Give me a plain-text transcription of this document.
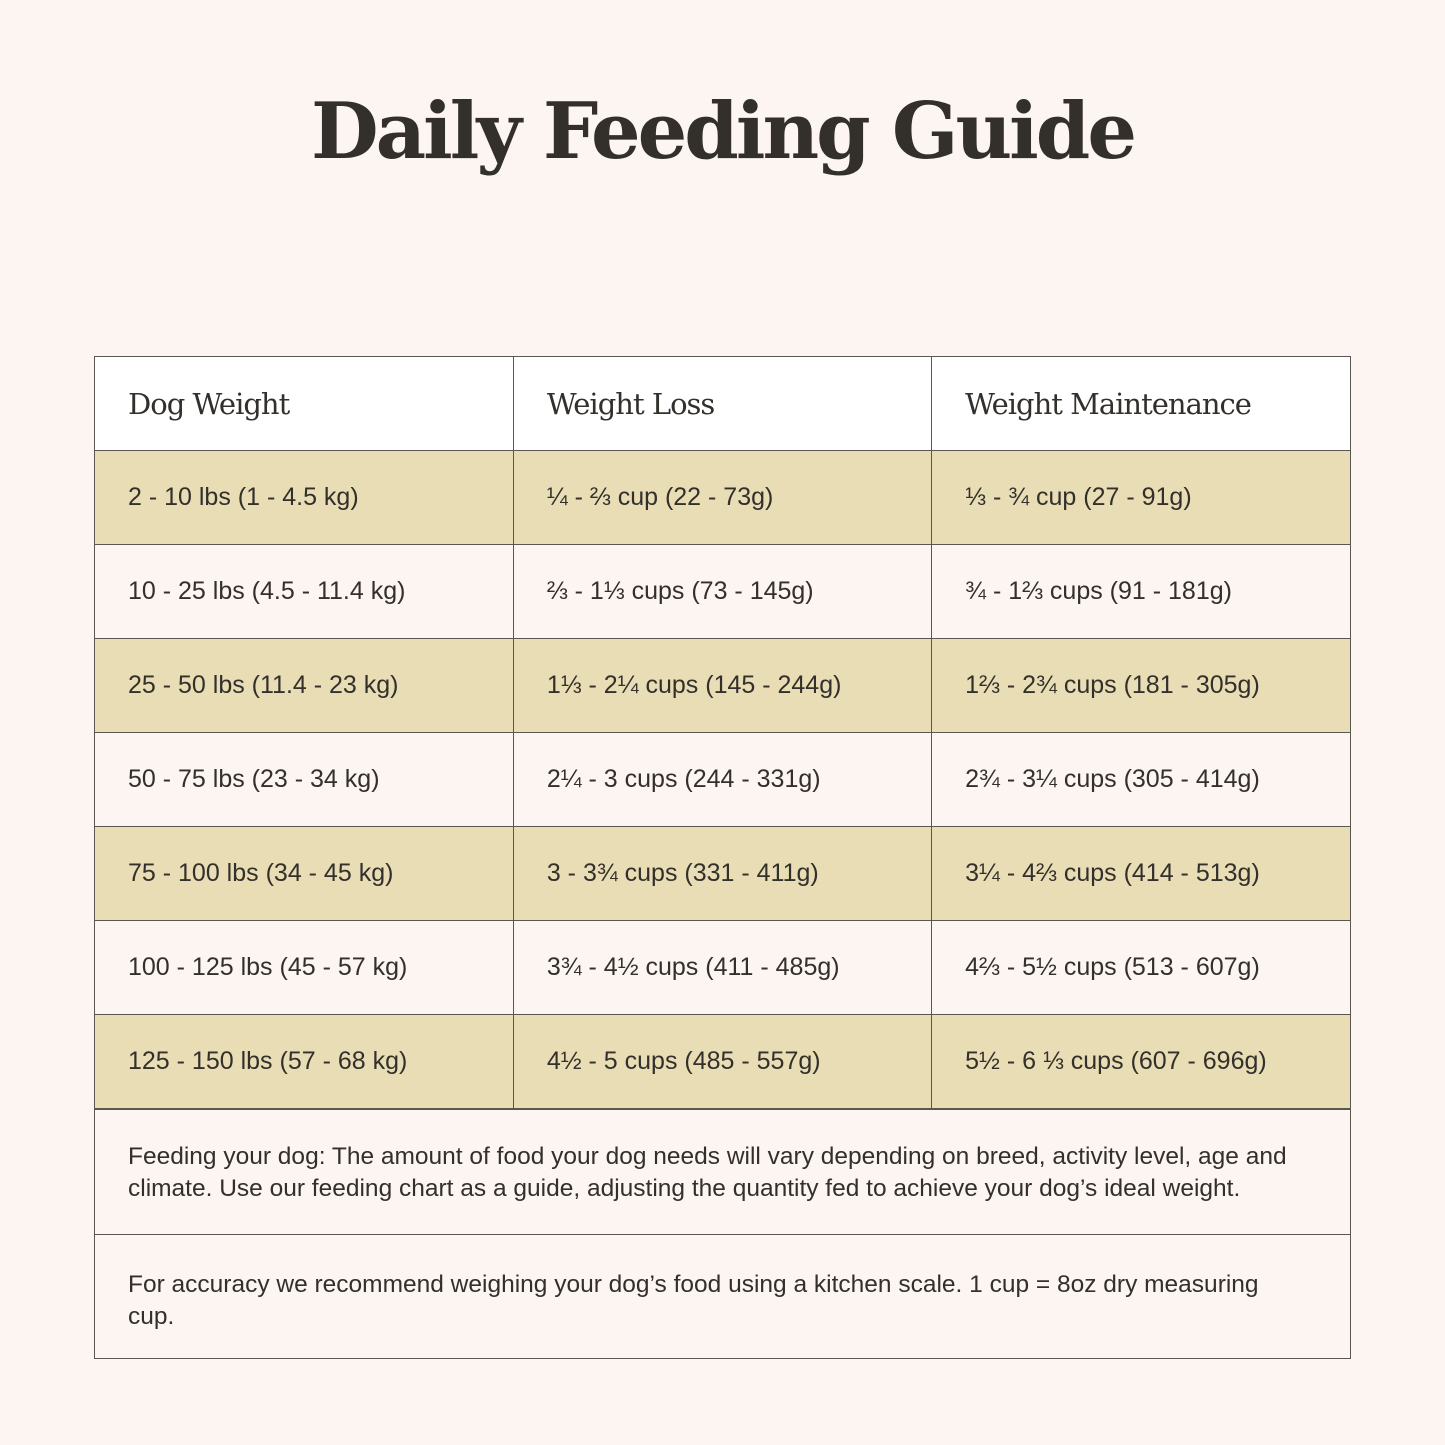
Daily Feeding Guide
Dog Weight	Weight Loss	Weight Maintenance
2 - 10 lbs (1 - 4.5 kg)	¼ - ⅔ cup (22 - 73g)	⅓ - ¾ cup (27 - 91g)
10 - 25 lbs (4.5 - 11.4 kg)	⅔ - 1⅓ cups (73 - 145g)	¾ - 1⅔ cups (91 - 181g)
25 - 50 lbs (11.4 - 23 kg)	1⅓ - 2¼ cups (145 - 244g)	1⅔ - 2¾ cups (181 - 305g)
50 - 75 lbs (23 - 34 kg)	2¼ - 3 cups (244 - 331g)	2¾ - 3¼ cups (305 - 414g)
75 - 100 lbs (34 - 45 kg)	3 - 3¾ cups (331 - 411g)	3¼ - 4⅔ cups (414 - 513g)
100 - 125 lbs (45 - 57 kg)	3¾ - 4½ cups (411 - 485g)	4⅔ - 5½ cups (513 - 607g)
125 - 150 lbs (57 - 68 kg)	4½ - 5 cups (485 - 557g)	5½ - 6 ⅓ cups (607 - 696g)
Feeding your dog: The amount of food your dog needs will vary depending on breed, activity level, age and climate. Use our feeding chart as a guide, adjusting the quantity fed to achieve your dog’s ideal weight.
For accuracy we recommend weighing your dog’s food using a kitchen scale. 1 cup = 8oz dry measuring cup.
